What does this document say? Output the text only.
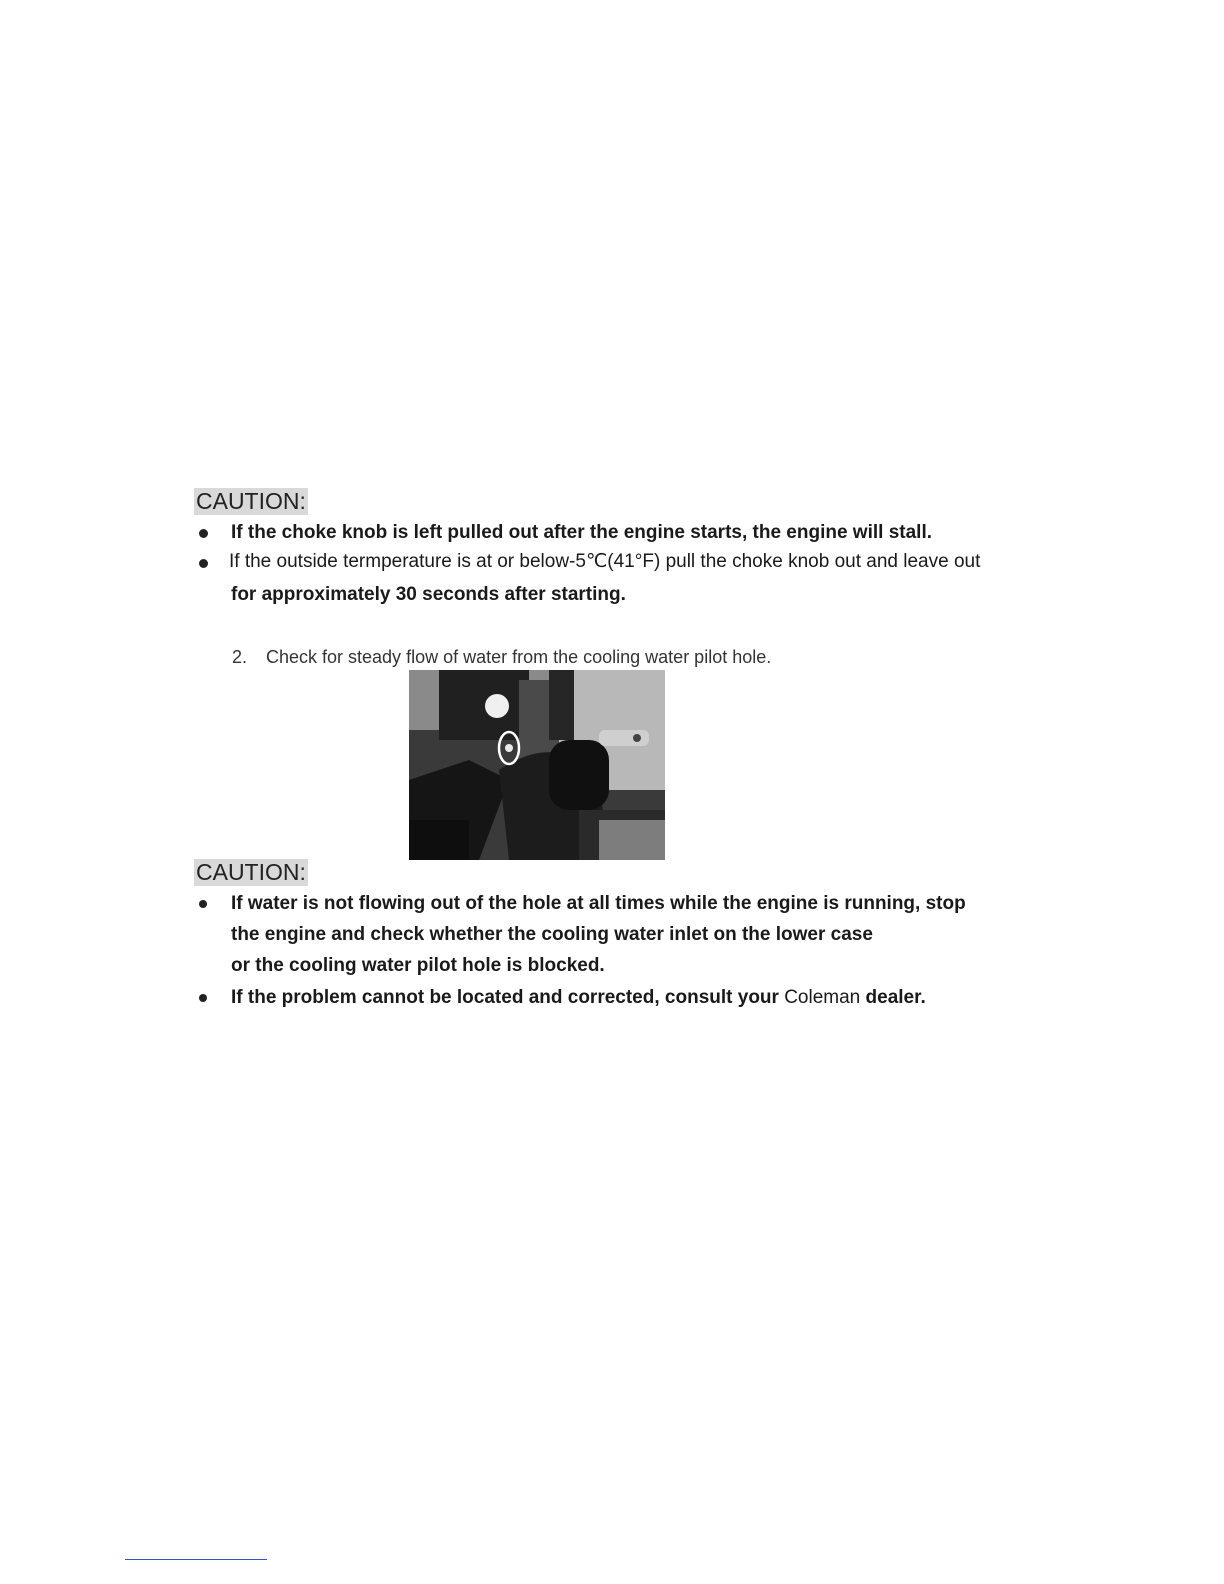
CAUTION:
If the choke knob is left pulled out after the engine starts, the engine will stall.
If the outside termperature is at or below-5℃(41°F) pull the choke knob out and leave out
for approximately 30 seconds after starting.
2. Check for steady flow of water from the cooling water pilot hole.
CAUTION:
If water is not flowing out of the hole at all times while the engine is running, stop
the engine and check whether the cooling water inlet on the lower case
or the cooling water pilot hole is blocked.
If the problem cannot be located and corrected, consult your Coleman dealer.
